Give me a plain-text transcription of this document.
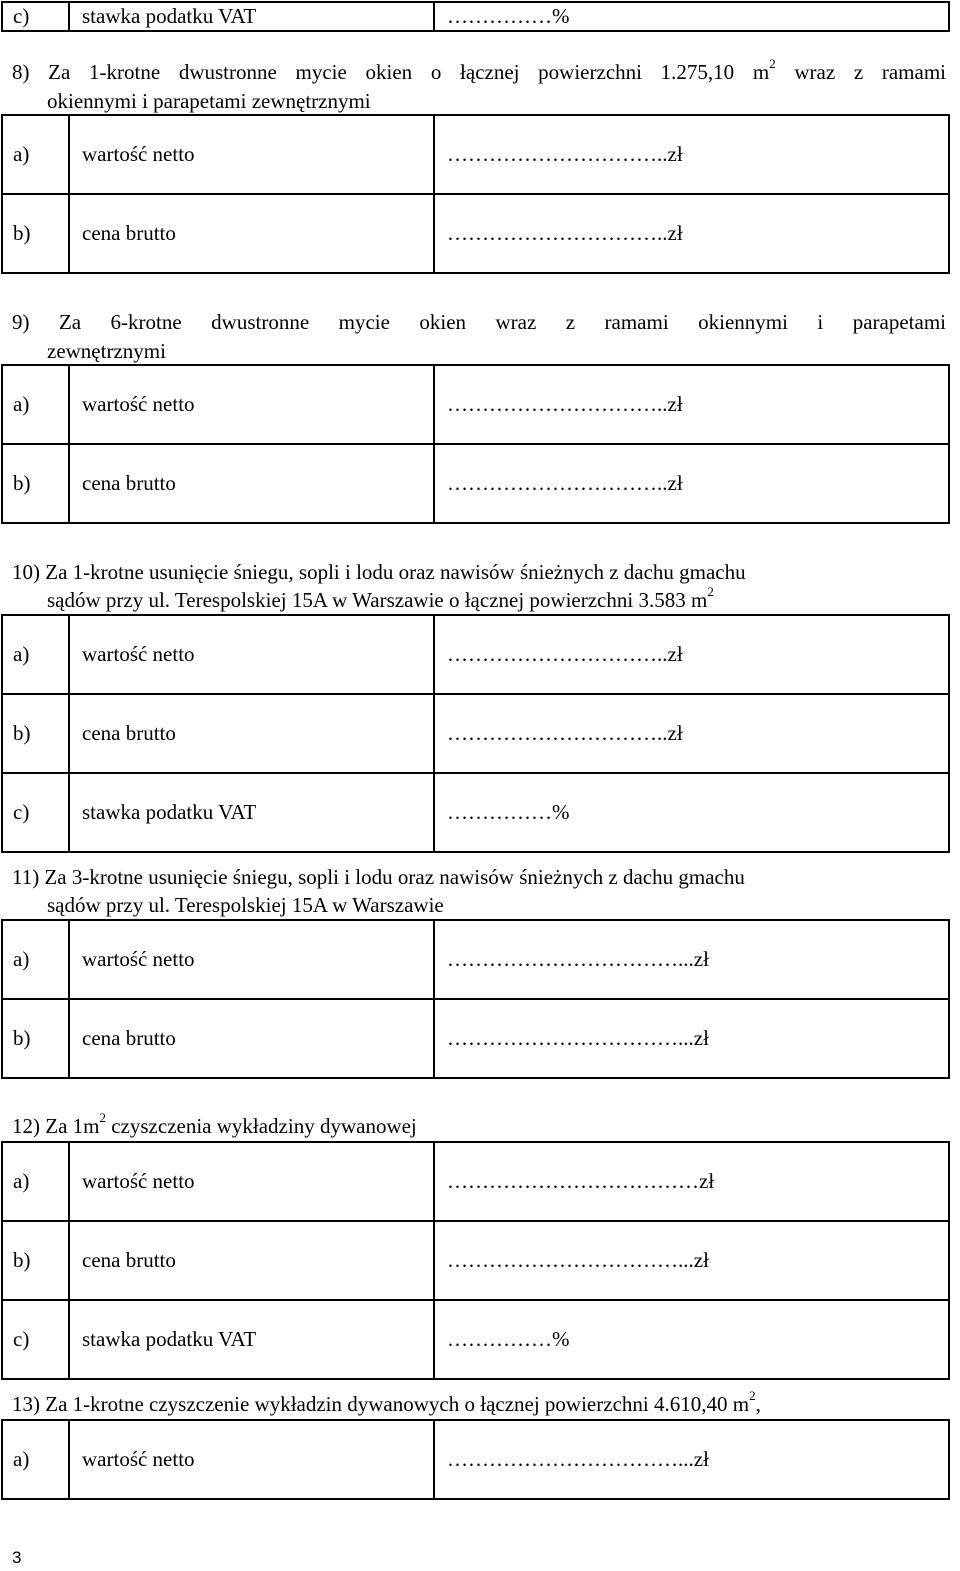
c)	stawka podatku VAT	……………%

8) Za 1-krotne dwustronne mycie okien o łącznej powierzchni 1.275,10 $m^2$ wraz z ramami

okiennymi i parapetami zewnętrznymi
a)	wartość netto	…………………………..zł
b)	cena brutto	…………………………..zł

9) Za 6-krotne dwustronne mycie okien wraz z ramami okiennymi i parapetami

zewnętrznymi
a)	wartość netto	…………………………..zł
b)	cena brutto	…………………………..zł

10) Za 1-krotne usunięcie śniegu, sopli i lodu oraz nawisów śnieżnych z dachu gmachu

sądów przy ul. Terespolskiej 15A w Warszawie o łącznej powierzchni 3.583 $m^2$
a)	wartość netto	…………………………..zł
b)	cena brutto	…………………………..zł
c)	stawka podatku VAT	……………%

11) Za 3-krotne usunięcie śniegu, sopli i lodu oraz nawisów śnieżnych z dachu gmachu

sądów przy ul. Terespolskiej 15A w Warszawie
a)	wartość netto	……………………………...zł
b)	cena brutto	……………………………...zł

12) Za $1m^2$ czyszczenia wykładziny dywanowej

a)	wartość netto	………………………………zł
b)	cena brutto	……………………………...zł
c)	stawka podatku VAT	……………%

13) Za 1-krotne czyszczenie wykładzin dywanowych o łącznej powierzchni 4.610,40 $m^2$,

a)	wartość netto	……………………………...zł
3
